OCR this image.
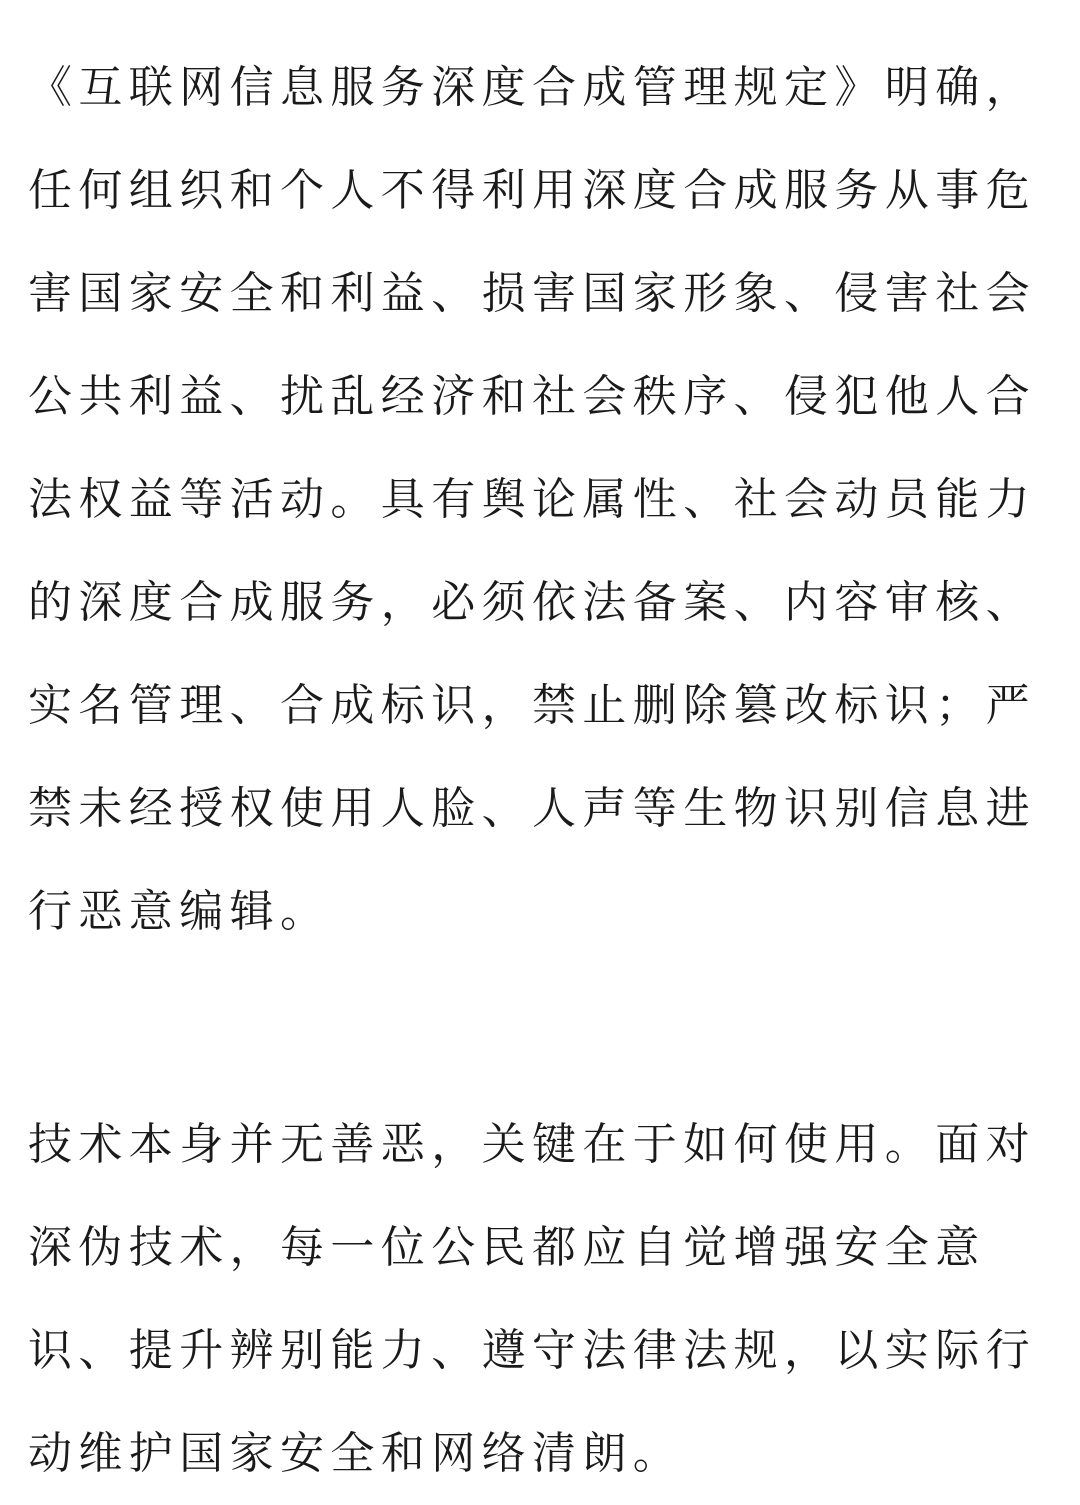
《互联网信息服务深度合成管理规定》明确，
任何组织和个人不得利用深度合成服务从事危
害国家安全和利益、损害国家形象、侵害社会
公共利益、扰乱经济和社会秩序、侵犯他人合
法权益等活动。具有舆论属性、社会动员能力
的深度合成服务，必须依法备案、内容审核、
实名管理、合成标识，禁止删除篡改标识；严
禁未经授权使用人脸、人声等生物识别信息进
行恶意编辑。
技术本身并无善恶，关键在于如何使用。面对
深伪技术，每一位公民都应自觉增强安全意
识、提升辨别能力、遵守法律法规，以实际行
动维护国家安全和网络清朗。
